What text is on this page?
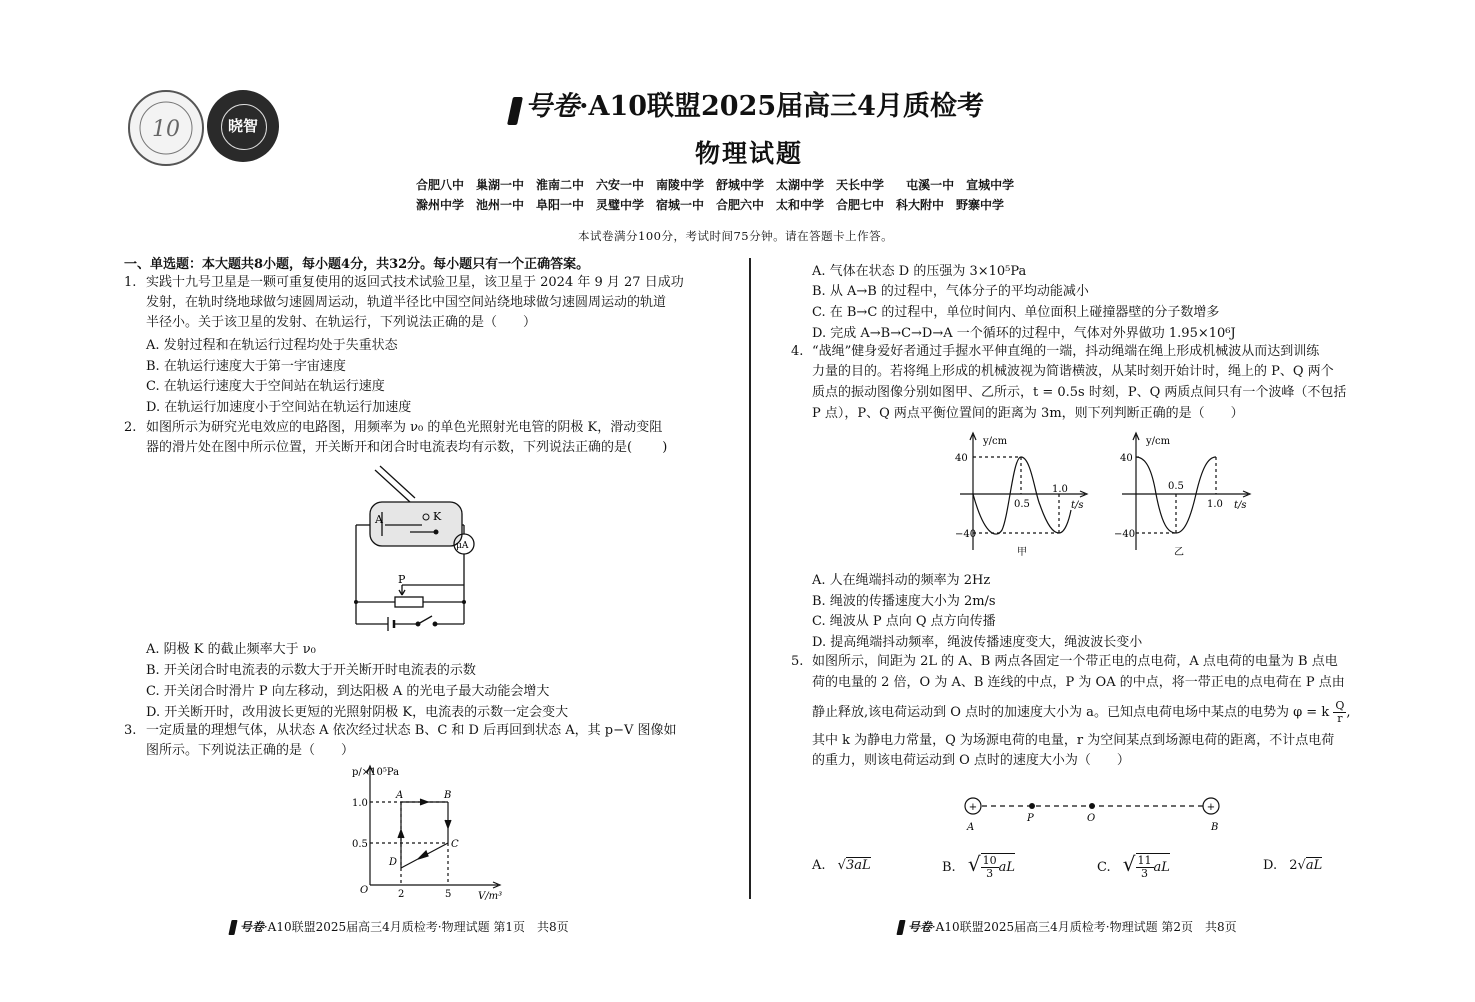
10	晓智
号卷·A10联盟2025届高三4月质检考
物理试题
合肥八中　巢湖一中　淮南二中　六安一中　南陵中学　舒城中学　太湖中学　天长中学　 屯溪一中　宣城中学
滁州中学　池州一中　阜阳一中　灵璧中学　宿城一中　合肥六中　太和中学　合肥七中　科大附中　野寨中学
本试卷满分100分，考试时间75分钟。请在答题卡上作答。
一、单选题：本大题共8小题，每小题4分，共32分。每小题只有一个正确答案。
1. 实践十九号卫星是一颗可重复使用的返回式技术试验卫星，该卫星于 2024 年 9 月 27 日成功
发射，在轨时绕地球做匀速圆周运动，轨道半径比中国空间站绕地球做匀速圆周运动的轨道
半径小。关于该卫星的发射、在轨运行，下列说法正确的是（　　）
A. 发射过程和在轨运行过程均处于失重状态
B. 在轨运行速度大于第一宇宙速度
C. 在轨运行速度大于空间站在轨运行速度
D. 在轨运行加速度小于空间站在轨运行加速度
2. 如图所示为研究光电效应的电路图，用频率为 ν₀ 的单色光照射光电管的阴极 K，滑动变阻
器的滑片处在图中所示位置，开关断开和闭合时电流表均有示数，下列说法正确的是(　　 )
A	K
μA
P
A. 阴极 K 的截止频率大于 ν₀
B. 开关闭合时电流表的示数大于开关断开时电流表的示数
C. 开关闭合时滑片 P 向左移动，到达阳极 A 的光电子最大动能会增大
D. 开关断开时，改用波长更短的光照射阴极 K，电流表的示数一定会变大
3. 一定质量的理想气体，从状态 A 依次经过状态 B、C 和 D 后再回到状态 A，其 p−V 图像如
图所示。下列说法正确的是（　　）
p/×10⁵Pa
V/m³
1.0
0.5
2	5
O
A	B
C
D
A. 气体在状态 D 的压强为 3×10⁵Pa
B. 从 A→B 的过程中，气体分子的平均动能减小
C. 在 B→C 的过程中，单位时间内、单位面积上碰撞器壁的分子数增多
D. 完成 A→B→C→D→A 一个循环的过程中，气体对外界做功 1.95×10⁶J
4. “战绳”健身爱好者通过手握水平伸直绳的一端，抖动绳端在绳上形成机械波从而达到训练
力量的目的。若将绳上形成的机械波视为简谐横波，从某时刻开始计时，绳上的 P、Q 两个
质点的振动图像分别如图甲、乙所示，t = 0.5s 时刻，P、Q 两质点间只有一个波峰（不包括
P 点），P、Q 两点平衡位置间的距离为 3m，则下列判断正确的是（　　）
y/cm
t/s
40
−40
0.5
1.0
甲
y/cm
t/s
40
−40
0.5
1.0
乙
A. 人在绳端抖动的频率为 2Hz
B. 绳波的传播速度大小为 2m/s
C. 绳波从 P 点向 Q 点方向传播
D. 提高绳端抖动频率，绳波传播速度变大，绳波波长变小
5. 如图所示，间距为 2L 的 A、B 两点各固定一个带正电的点电荷，A 点电荷的电量为 B 点电
荷的电量的 2 倍，O 为 A、B 连线的中点，P 为 OA 的中点，将一带正电的点电荷在 P 点由
静止释放,该电荷运动到 O 点时的加速度大小为 a。已知点电荷电场中某点的电势为 φ = k $\frac{Q}{r}$ ,
其中 k 为静电力常量，Q 为场源电荷的电量，r 为空间某点到场源电荷的距离，不计点电荷
的重力，则该电荷运动到 O 点时的速度大小为（　　）
+	+
A
P	O
B
A. √3aL	B. √ $\frac{10}{3}$ aL	C. √ $\frac{11}{3}$ aL	D. 2√aL
号卷·A10联盟2025届高三4月质检考·物理试题 第1页　共8页	号卷·A10联盟2025届高三4月质检考·物理试题 第2页　共8页
